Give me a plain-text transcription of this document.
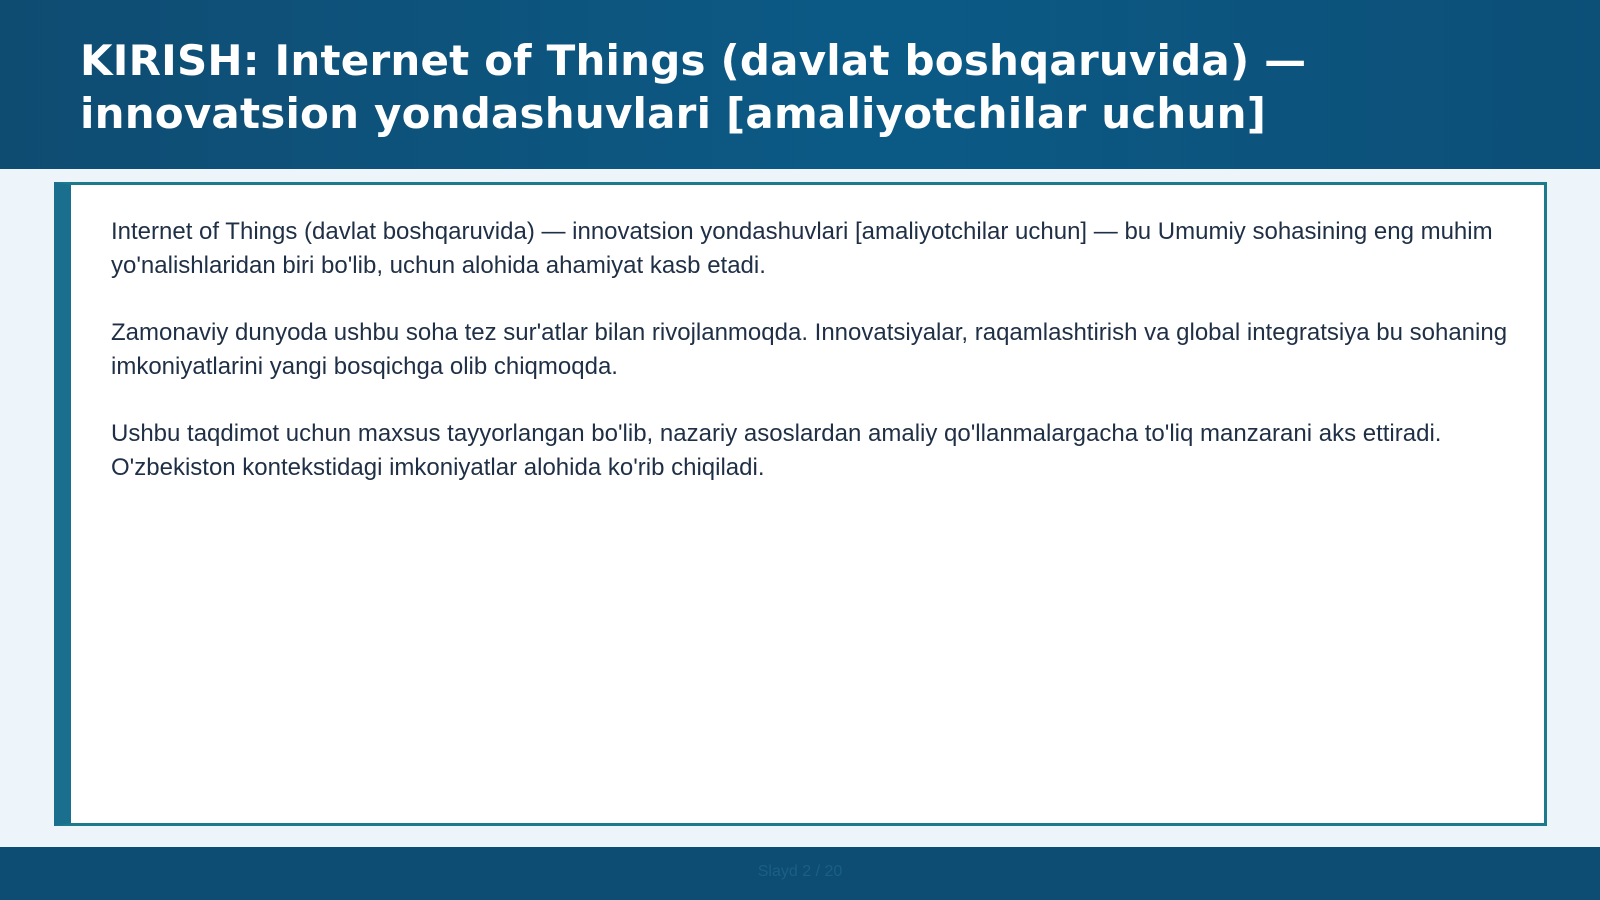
KIRISH: Internet of Things (davlat boshqaruvida) — innovatsion yondashuvlari [amaliyotchilar uchun]

Internet of Things (davlat boshqaruvida) — innovatsion yondashuvlari [amaliyotchilar uchun] — bu Umumiy sohasining eng muhim yo'nalishlaridan biri bo'lib, uchun alohida ahamiyat kasb etadi.

Zamonaviy dunyoda ushbu soha tez sur'atlar bilan rivojlanmoqda. Innovatsiyalar, raqamlashtirish va global integratsiya bu sohaning imkoniyatlarini yangi bosqichga olib chiqmoqda.

Ushbu taqdimot uchun maxsus tayyorlangan bo'lib, nazariy asoslardan amaliy qo'llanmalargacha to'liq manzarani aks ettiradi. O'zbekiston kontekstidagi imkoniyatlar alohida ko'rib chiqiladi.

Slayd 2 / 20
